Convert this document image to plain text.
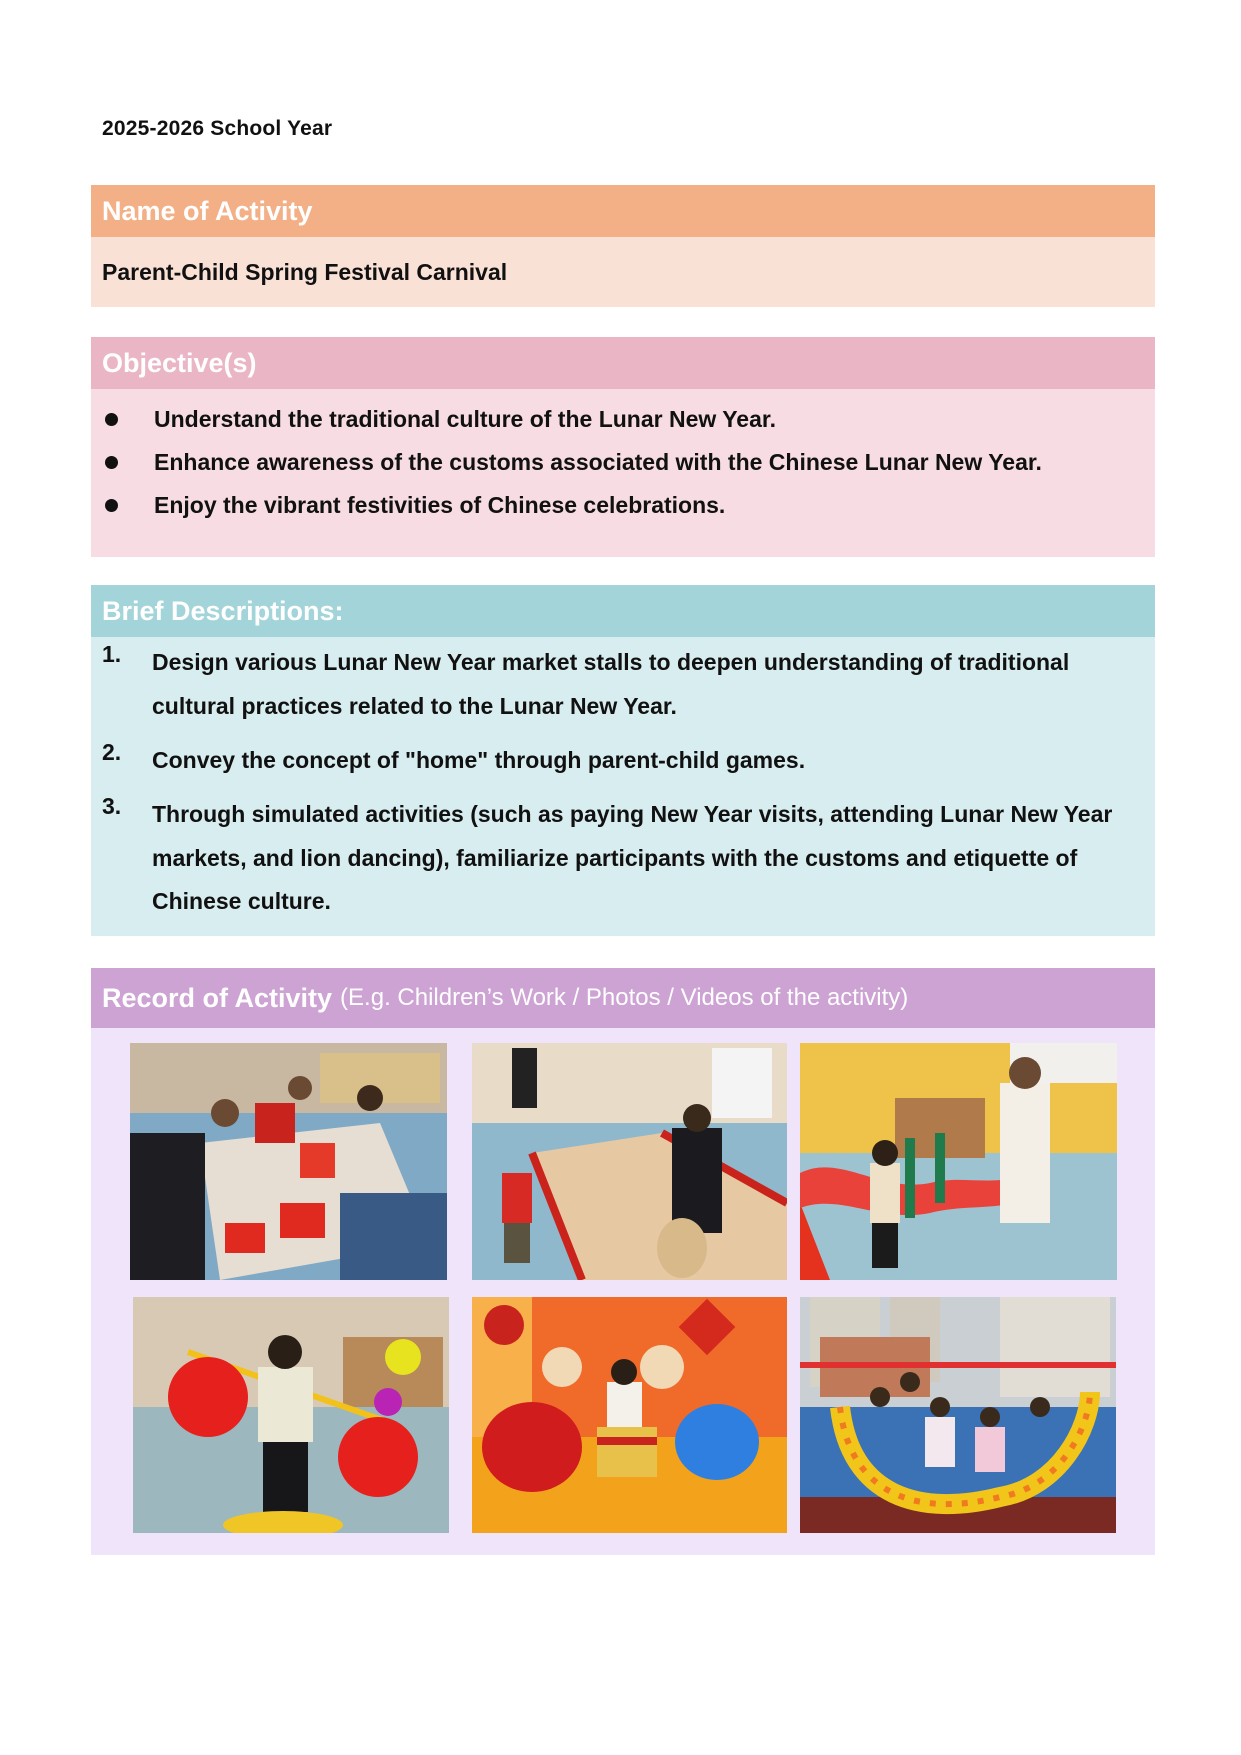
2025-2026 School Year
Name of Activity
Parent-Child Spring Festival Carnival
Objective(s)
Understand the traditional culture of the Lunar New Year.
Enhance awareness of the customs associated with the Chinese Lunar New Year.
Enjoy the vibrant festivities of Chinese celebrations.
Brief Descriptions:
1.	Design various Lunar New Year market stalls to deepen understanding of traditional cultural practices related to the Lunar New Year.
2.	Convey the concept of "home" through parent-child games.
3.	Through simulated activities (such as paying New Year visits, attending Lunar New Year markets, and lion dancing), familiarize participants with the customs and etiquette of Chinese culture.
Record of Activity (E.g. Children’s Work / Photos / Videos of the activity)
